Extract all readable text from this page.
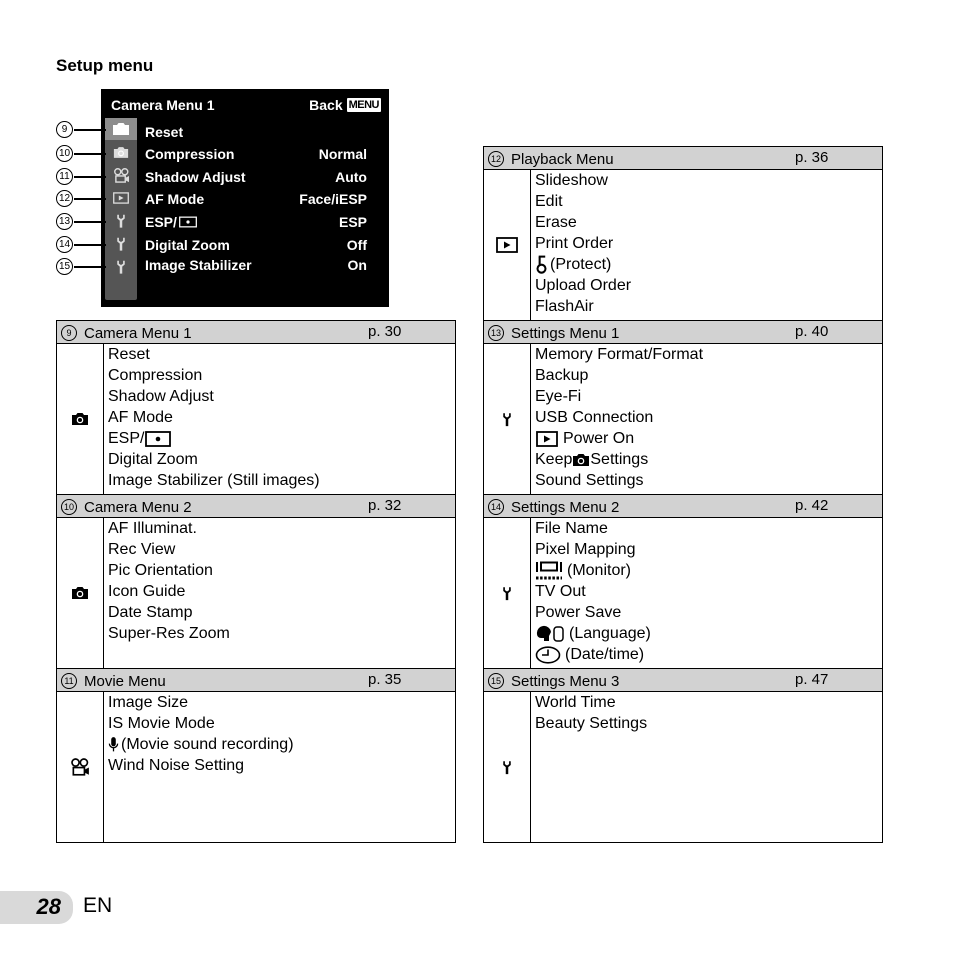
Setup menu
Camera Menu 1	Back MENU
Reset
Compression	Normal
Shadow Adjust	Auto
AF Mode	Face/iESP
ESP/	ESP
Digital Zoom	Off
Image Stabilizer	On
9
10
11
12
13
14
15
9 Camera Menu 1	p. 30
Reset
Compression
Shadow Adjust
AF Mode
ESP/
Digital Zoom
Image Stabilizer (Still images)
10 Camera Menu 2	p. 32
AF Illuminat.
Rec View
Pic Orientation
Icon Guide
Date Stamp
Super-Res Zoom
11 Movie Menu	p. 35
Image Size
IS Movie Mode
(Movie sound recording)
Wind Noise Setting
12 Playback Menu	p. 36
Slideshow
Edit
Erase
Print Order
(Protect)
Upload Order
FlashAir
13 Settings Menu 1	p. 40
Memory Format/Format
Backup
Eye-Fi
USB Connection
Power On
Keep Settings
Sound Settings
14 Settings Menu 2	p. 42
File Name
Pixel Mapping
(Monitor)
TV Out
Power Save
(Language)
(Date/time)
15 Settings Menu 3	p. 47
World Time
Beauty Settings
28 EN
